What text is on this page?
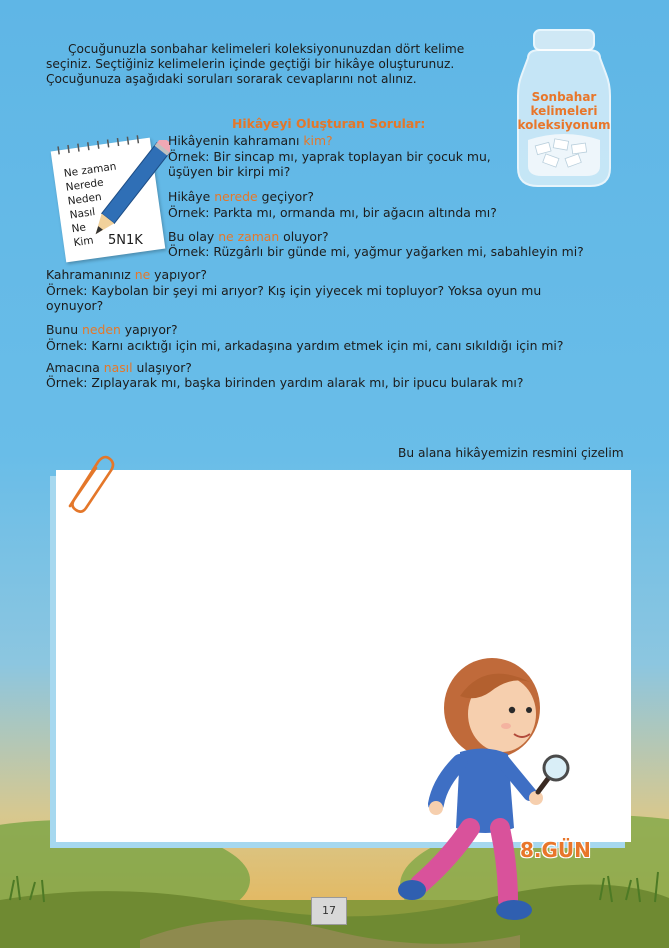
Çocuğunuzla sonbahar kelimeleri koleksiyonunuzdan dört kelime seçiniz. Seçtiğiniz kelimelerin içinde geçtiği bir hikâye oluşturunuz. Çocuğunuza aşağıdaki soruları sorarak cevaplarını not alınız.
Sonbahar kelimeleri koleksiyonum
Hikâyeyi Oluşturan Sorular:
Ne zaman
Nerede
Neden
Nasıl
Ne
Kim 5N1K
Hikâyenin kahramanı kim?
Örnek: Bir sincap mı, yaprak toplayan bir çocuk mu,
üşüyen bir kirpi mi?
Hikâye nerede geçiyor?
Örnek: Parkta mı, ormanda mı, bir ağacın altında mı?
Bu olay ne zaman oluyor?
Örnek: Rüzgârlı bir günde mi, yağmur yağarken mi, sabahleyin mi?
Kahramanınız ne yapıyor?
Örnek: Kaybolan bir şeyi mi arıyor? Kış için yiyecek mi topluyor? Yoksa oyun mu
oynuyor?
Bunu neden yapıyor?
Örnek: Karnı acıktığı için mi, arkadaşına yardım etmek için mi, canı sıkıldığı için mi?
Amacına nasıl ulaşıyor?
Örnek: Zıplayarak mı, başka birinden yardım alarak mı, bir ipucu bularak mı?
Bu alana hikâyemizin resmini çizelim
8.GÜN
17
